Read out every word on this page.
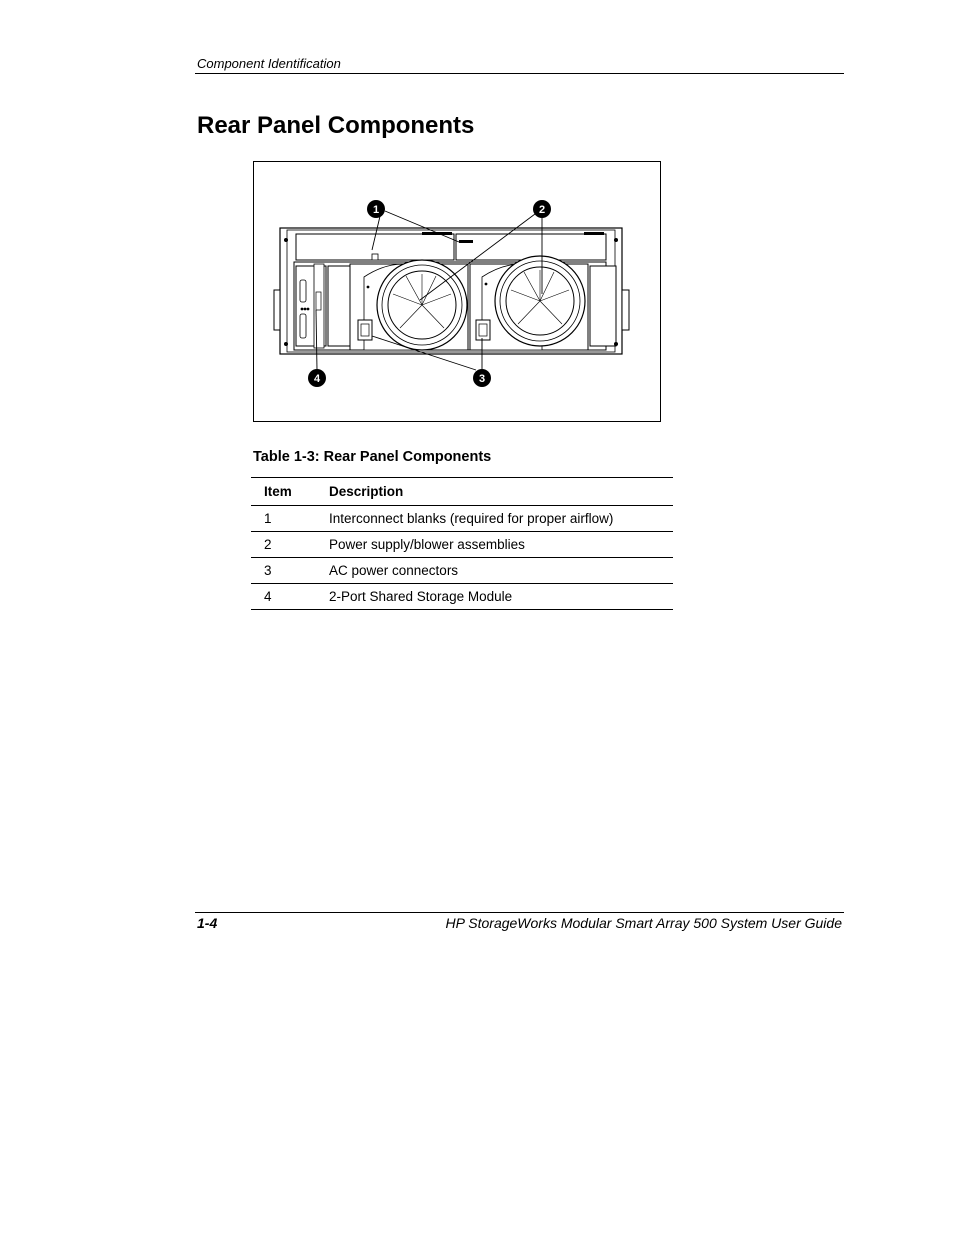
Component Identification
Rear Panel Components
1	2
3
4
Table 1-3: Rear Panel Components
Item	Description
1	Interconnect blanks (required for proper airflow)
2	Power supply/blower assemblies
3	AC power connectors
4	2-Port Shared Storage Module
1-4	HP StorageWorks Modular Smart Array 500 System User Guide
